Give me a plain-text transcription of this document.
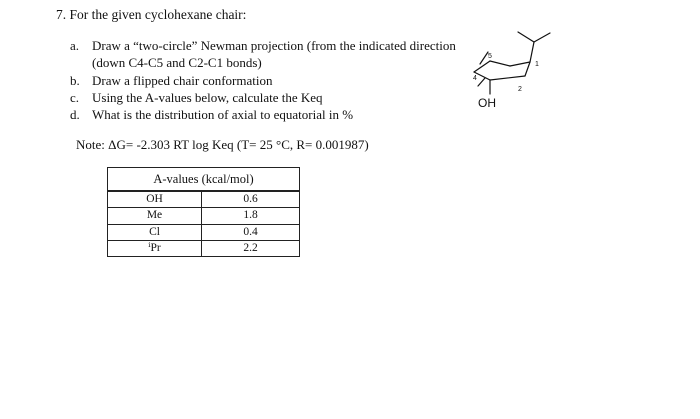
7. For the given cyclohexane chair:
a. Draw a “two-circle” Newman projection (from the indicated direction
(down C4-C5 and C2-C1 bonds)
b. Draw a flipped chair conformation
c. Using the A-values below, calculate the Keq
d. What is the distribution of axial to equatorial in %
Note: ΔG= -2.303 RT log Keq (T= 25 °C, R= 0.001987)
A-values (kcal/mol)	
OH	0.6
Me	1.8
Cl	0.4
ⁱPr	2.2
5
4
1
2
OH
